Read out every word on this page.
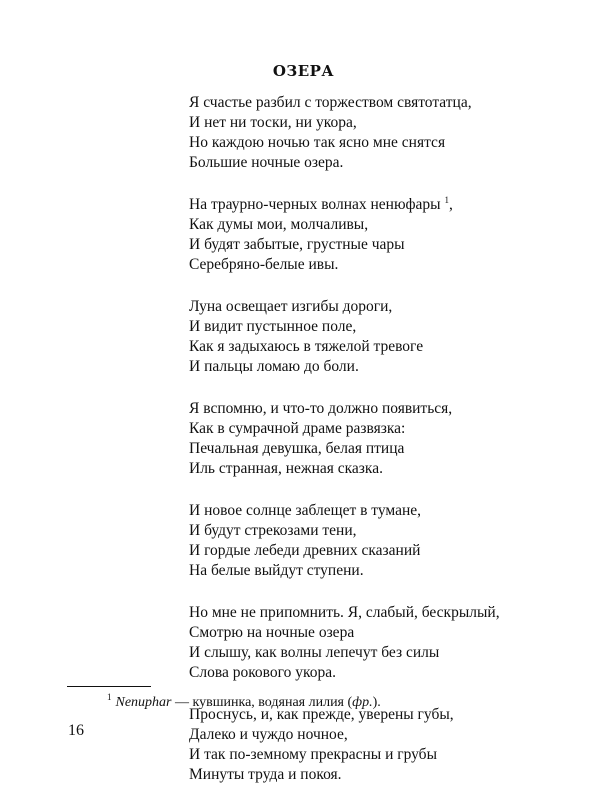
ОЗЕРА
Я счастье разбил с торжеством святотатца,
И нет ни тоски, ни укора,
Но каждою ночью так ясно мне снятся
Большие ночные озера.
На траурно-черных волнах ненюфары $^1$,
Как думы мои, молчаливы,
И будят забытые, грустные чары
Серебряно-белые ивы.
Луна освещает изгибы дороги,
И видит пустынное поле,
Как я задыхаюсь в тяжелой тревоге
И пальцы ломаю до боли.
Я вспомню, и что-то должно появиться,
Как в сумрачной драме развязка:
Печальная девушка, белая птица
Иль странная, нежная сказка.
И новое солнце заблещет в тумане,
И будут стрекозами тени,
И гордые лебеди древних сказаний
На белые выйдут ступени.
Но мне не припомнить. Я, слабый, бескрылый,
Смотрю на ночные озера
И слышу, как волны лепечут без силы
Слова рокового укора.
Проснусь, и, как прежде, уверены губы,
Далеко и чуждо ночное,
И так по-земному прекрасны и грубы
Минуты труда и покоя.
$^1$ Nenuphar — кувшинка, водяная лилия (фр.).
16
